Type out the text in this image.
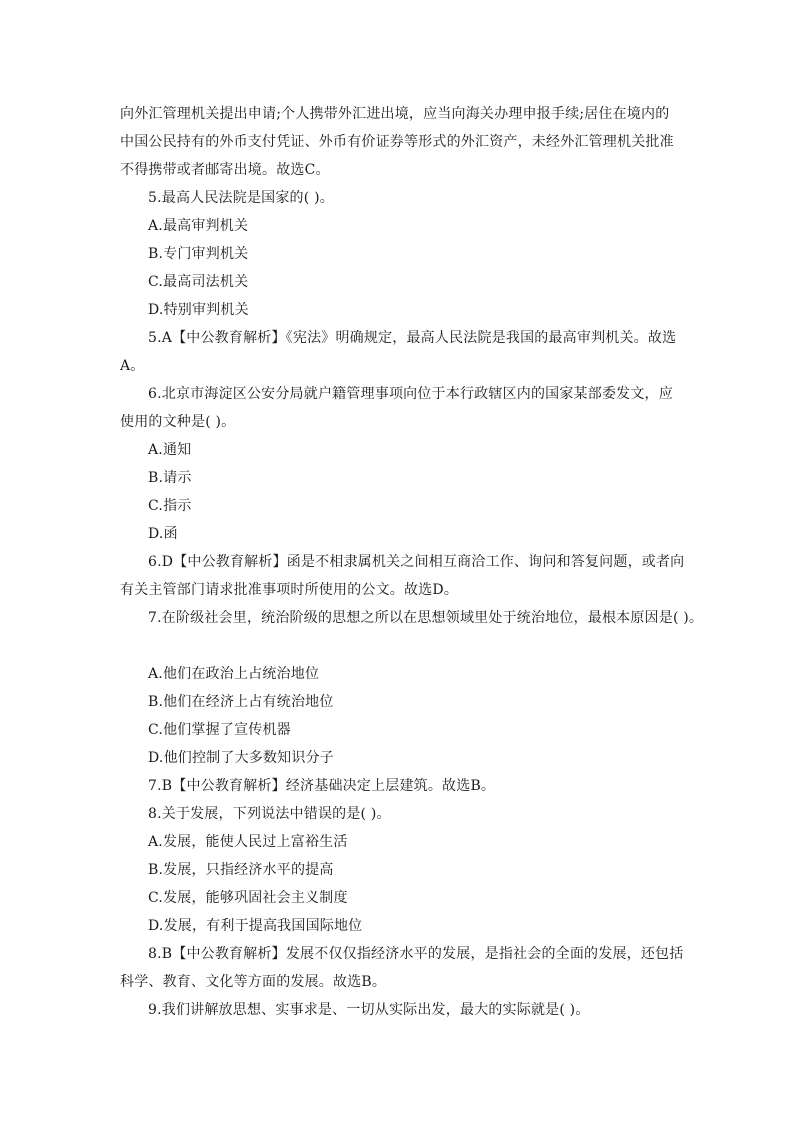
向外汇管理机关提出申请;个人携带外汇进出境，应当向海关办理申报手续;居住在境内的
中国公民持有的外币支付凭证、外币有价证券等形式的外汇资产，未经外汇管理机关批准
不得携带或者邮寄出境。故选C。
5.最高人民法院是国家的( )。
A.最高审判机关
B.专门审判机关
C.最高司法机关
D.特别审判机关
5.A【中公教育解析】《宪法》明确规定，最高人民法院是我国的最高审判机关。故选
A。
6.北京市海淀区公安分局就户籍管理事项向位于本行政辖区内的国家某部委发文，应
使用的文种是( )。
A.通知
B.请示
C.指示
D.函
6.D【中公教育解析】函是不相隶属机关之间相互商洽工作、询问和答复问题，或者向
有关主管部门请求批准事项时所使用的公文。故选D。
7.在阶级社会里，统治阶级的思想之所以在思想领域里处于统治地位，最根本原因是( )。
A.他们在政治上占统治地位
B.他们在经济上占有统治地位
C.他们掌握了宣传机器
D.他们控制了大多数知识分子
7.B【中公教育解析】经济基础决定上层建筑。故选B。
8.关于发展，下列说法中错误的是( )。
A.发展，能使人民过上富裕生活
B.发展，只指经济水平的提高
C.发展，能够巩固社会主义制度
D.发展，有利于提高我国国际地位
8.B【中公教育解析】发展不仅仅指经济水平的发展，是指社会的全面的发展，还包括
科学、教育、文化等方面的发展。故选B。
9.我们讲解放思想、实事求是、一切从实际出发，最大的实际就是( )。
